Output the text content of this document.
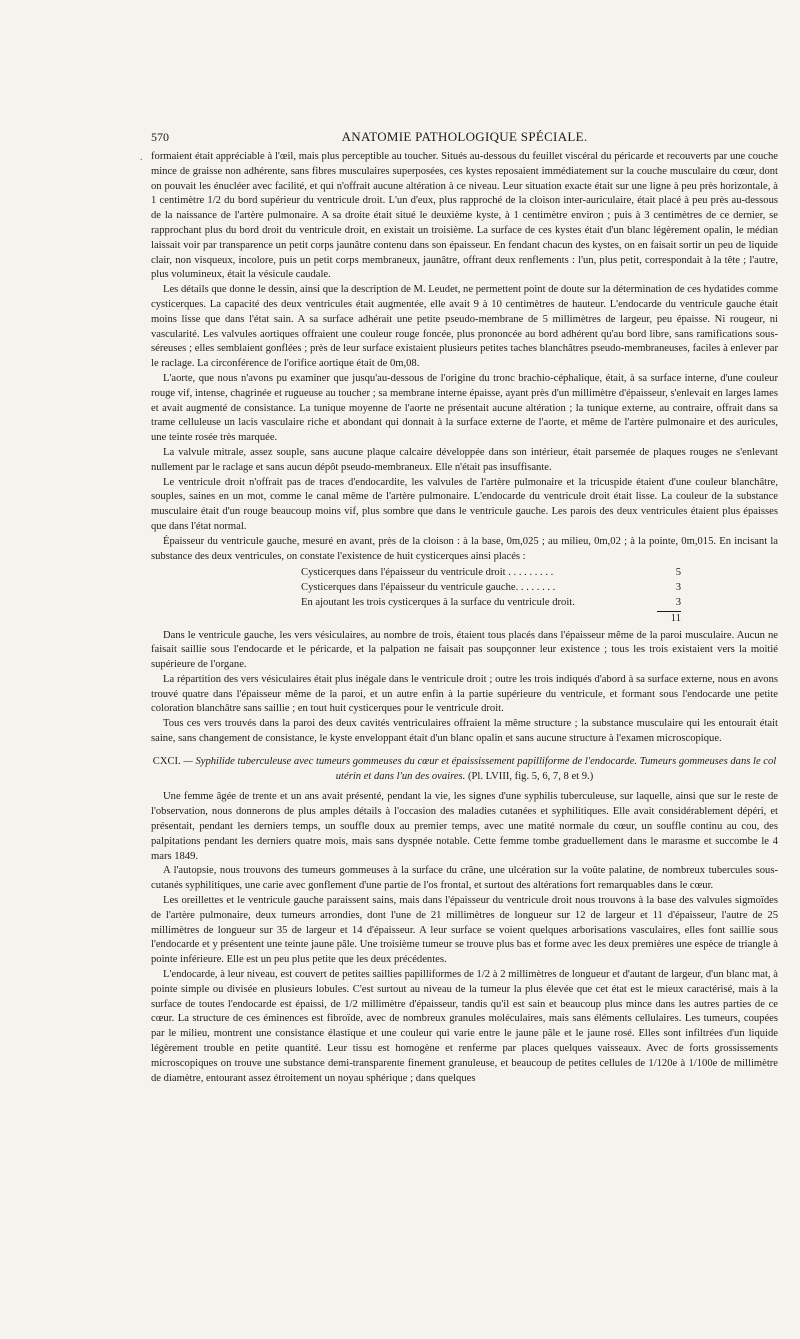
570	ANATOMIE PATHOLOGIQUE SPÉCIALE.
. formaient était appréciable à l'œil, mais plus perceptible au toucher. Situés au-dessous du feuillet viscéral du péricarde et recouverts par une couche mince de graisse non adhérente, sans fibres musculaires superposées, ces kystes reposaient immédiatement sur la couche musculaire du cœur, dont on pouvait les énucléer avec facilité, et qui n'offrait aucune altération à ce niveau. Leur situation exacte était sur une ligne à peu près horizontale, à 1 centimètre 1/2 du bord supérieur du ventricule droit. L'un d'eux, plus rapproché de la cloison inter-auriculaire, était placé à peu près au-dessous de la naissance de l'artère pulmonaire. A sa droite était situé le deuxième kyste, à 1 centimètre environ ; puis à 3 centimètres de ce dernier, se rapprochant plus du bord droit du ventricule droit, en existait un troisième. La surface de ces kystes était d'un blanc légèrement opalin, le médian laissait voir par transparence un petit corps jaunâtre contenu dans son épaisseur. En fendant chacun des kystes, on en faisait sortir un peu de liquide clair, non visqueux, incolore, puis un petit corps membraneux, jaunâtre, offrant deux renflements : l'un, plus petit, correspondait à la tête ; l'autre, plus volumineux, était la vésicule caudale.

Les détails que donne le dessin, ainsi que la description de M. Leudet, ne permettent point de doute sur la détermination de ces hydatides comme cysticerques. La capacité des deux ventricules était augmentée, elle avait 9 à 10 centimètres de hauteur. L'endocarde du ventricule gauche était moins lisse que dans l'état sain. A sa surface adhérait une petite pseudo-membrane de 5 millimètres de largeur, peu épaisse. Ni rougeur, ni vascularité. Les valvules aortiques offraient une couleur rouge foncée, plus prononcée au bord adhérent qu'au bord libre, sans ramifications sous-séreuses ; elles semblaient gonflées ; près de leur surface existaient plusieurs petites taches blanchâtres pseudo-membraneuses, faciles à enlever par le raclage. La circonférence de l'orifice aortique était de 0m,08.

L'aorte, que nous n'avons pu examiner que jusqu'au-dessous de l'origine du tronc brachio-céphalique, était, à sa surface interne, d'une couleur rouge vif, intense, chagrinée et rugueuse au toucher ; sa membrane interne épaisse, ayant près d'un millimètre d'épaisseur, s'enlevait en larges lames et avait augmenté de consistance. La tunique moyenne de l'aorte ne présentait aucune altération ; la tunique externe, au contraire, offrait dans sa trame celluleuse un lacis vasculaire riche et abondant qui donnait à la surface externe de l'aorte, et même de l'artère pulmonaire et des auricules, une teinte rosée très marquée.

La valvule mitrale, assez souple, sans aucune plaque calcaire développée dans son intérieur, était parsemée de plaques rouges ne s'enlevant nullement par le raclage et sans aucun dépôt pseudo-membraneux. Elle n'était pas insuffisante.

Le ventricule droit n'offrait pas de traces d'endocardite, les valvules de l'artère pulmonaire et la tricuspide étaient d'une couleur blanchâtre, souples, saines en un mot, comme le canal même de l'artère pulmonaire. L'endocarde du ventricule droit était lisse. La couleur de la substance musculaire était d'un rouge beaucoup moins vif, plus sombre que dans le ventricule gauche. Les parois des deux ventricules étaient plus épaisses que dans l'état normal.

Épaisseur du ventricule gauche, mesuré en avant, près de la cloison : à la base, 0m,025 ; au milieu, 0m,02 ; à la pointe, 0m,015. En incisant la substance des deux ventricules, on constate l'existence de huit cysticerques ainsi placés :

Cysticerques dans l'épaisseur du ventricule droit . . . . . . . . .	5
Cysticerques dans l'épaisseur du ventricule gauche. . . . . . . .	3
En ajoutant les trois cysticerques à la surface du ventricule droit.	3
	11

Dans le ventricule gauche, les vers vésiculaires, au nombre de trois, étaient tous placés dans l'épaisseur même de la paroi musculaire. Aucun ne faisait saillie sous l'endocarde et le péricarde, et la palpation ne faisait pas soupçonner leur existence ; tous les trois existaient vers la moitié supérieure de l'organe.

La répartition des vers vésiculaires était plus inégale dans le ventricule droit ; outre les trois indiqués d'abord à sa surface externe, nous en avons trouvé quatre dans l'épaisseur même de la paroi, et un autre enfin à la partie supérieure du ventricule, et formant sous l'endocarde une petite coloration blanchâtre sans saillie ; en tout huit cysticerques pour le ventricule droit.

Tous ces vers trouvés dans la paroi des deux cavités ventriculaires offraient la même structure ; la substance musculaire qui les entourait était saine, sans changement de consistance, le kyste enveloppant était d'un blanc opalin et sans aucune structure à l'examen microscopique.

CXCI. — Syphilide tuberculeuse avec tumeurs gommeuses du cœur et épaississement papilliforme de l'endocarde. Tumeurs gommeuses dans le col utérin et dans l'un des ovaires. (Pl. LVIII, fig. 5, 6, 7, 8 et 9.)

Une femme âgée de trente et un ans avait présenté, pendant la vie, les signes d'une syphilis tuberculeuse, sur laquelle, ainsi que sur le reste de l'observation, nous donnerons de plus amples détails à l'occasion des maladies cutanées et syphilitiques. Elle avait considérablement dépéri, et présentait, pendant les derniers temps, un souffle doux au premier temps, avec une matité normale du cœur, un souffle continu au cou, des palpitations pendant les derniers quatre mois, mais sans dyspnée notable. Cette femme tombe graduellement dans le marasme et succombe le 4 mars 1849.

A l'autopsie, nous trouvons des tumeurs gommeuses à la surface du crâne, une ulcération sur la voûte palatine, de nombreux tubercules sous-cutanés syphilitiques, une carie avec gonflement d'une partie de l'os frontal, et surtout des altérations fort remarquables dans le cœur.

Les oreillettes et le ventricule gauche paraissent sains, mais dans l'épaisseur du ventricule droit nous trouvons à la base des valvules sigmoïdes de l'artère pulmonaire, deux tumeurs arrondies, dont l'une de 21 millimètres de longueur sur 12 de largeur et 11 d'épaisseur, l'autre de 25 millimètres de longueur sur 35 de largeur et 14 d'épaisseur. A leur surface se voient quelques arborisations vasculaires, elles font saillie sous l'endocarde et y présentent une teinte jaune pâle. Une troisième tumeur se trouve plus bas et forme avec les deux premières une espèce de triangle à pointe inférieure. Elle est un peu plus petite que les deux précédentes.

L'endocarde, à leur niveau, est couvert de petites saillies papilliformes de 1/2 à 2 millimètres de longueur et d'autant de largeur, d'un blanc mat, à pointe simple ou divisée en plusieurs lobules. C'est surtout au niveau de la tumeur la plus élevée que cet état est le mieux caractérisé, mais à la surface de toutes l'endocarde est épaissi, de 1/2 millimètre d'épaisseur, tandis qu'il est sain et beaucoup plus mince dans les autres parties de ce cœur. La structure de ces éminences est fibroïde, avec de nombreux granules moléculaires, mais sans éléments cellulaires. Les tumeurs, coupées par le milieu, montrent une consistance élastique et une couleur qui varie entre le jaune pâle et le jaune rosé. Elles sont infiltrées d'un liquide légèrement trouble en petite quantité. Leur tissu est homogène et renferme par places quelques vaisseaux. Avec de forts grossissements microscopiques on trouve une substance demi-transparente finement granuleuse, et beaucoup de petites cellules de 1/120e à 1/100e de millimètre de diamètre, entourant assez étroitement un noyau sphérique ; dans quelques
